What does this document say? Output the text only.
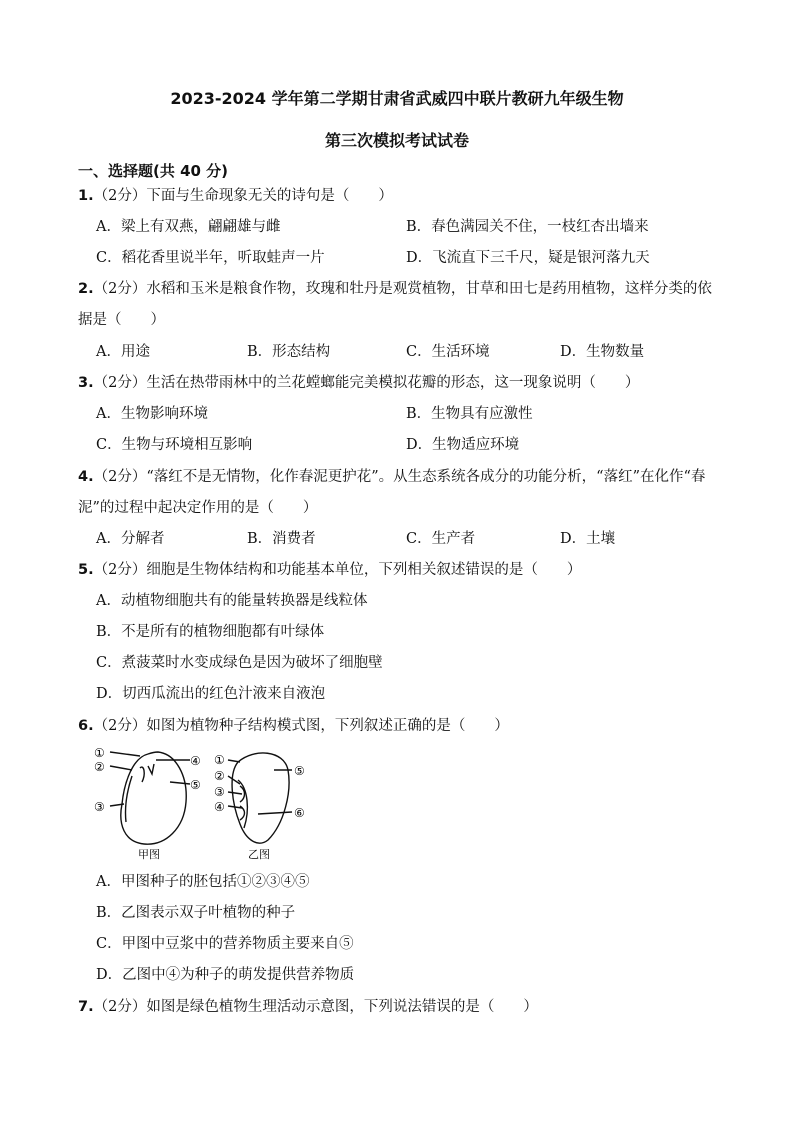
2023-2024 学年第二学期甘肃省武威四中联片教研九年级生物
第三次模拟考试试卷
一、选择题(共 40 分)
1.（2分）下面与生命现象无关的诗句是（　　）
A．梁上有双燕，翩翩雄与雌	B．春色满园关不住，一枝红杏出墙来
C．稻花香里说半年，听取蛙声一片	D．飞流直下三千尺，疑是银河落九天
2.（2分）水稻和玉米是粮食作物，玫瑰和牡丹是观赏植物，甘草和田七是药用植物，这样分类的依
据是（　　）
A．用途	B．形态结构	C．生活环境	D．生物数量
3.（2分）生活在热带雨林中的兰花螳螂能完美模拟花瓣的形态，这一现象说明（　　）
A．生物影响环境	B．生物具有应激性
C．生物与环境相互影响	D．生物适应环境
4.（2分）“落红不是无情物，化作春泥更护花”。从生态系统各成分的功能分析，“落红”在化作“春
泥”的过程中起决定作用的是（　　）
A．分解者	B．消费者	C．生产者	D．土壤
5.（2分）细胞是生物体结构和功能基本单位，下列相关叙述错误的是（　　）
A．动植物细胞共有的能量转换器是线粒体
B．不是所有的植物细胞都有叶绿体
C．煮菠菜时水变成绿色是因为破坏了细胞壁
D．切西瓜流出的红色汁液来自液泡
6.（2分）如图为植物种子结构模式图，下列叙述正确的是（　　）
①
②
③
④
⑤
甲图
①
②
③
④
⑤
⑥
乙图
A．甲图种子的胚包括①②③④⑤
B．乙图表示双子叶植物的种子
C．甲图中豆浆中的营养物质主要来自⑤
D．乙图中④为种子的萌发提供营养物质
7.（2分）如图是绿色植物生理活动示意图，下列说法错误的是（　　）
